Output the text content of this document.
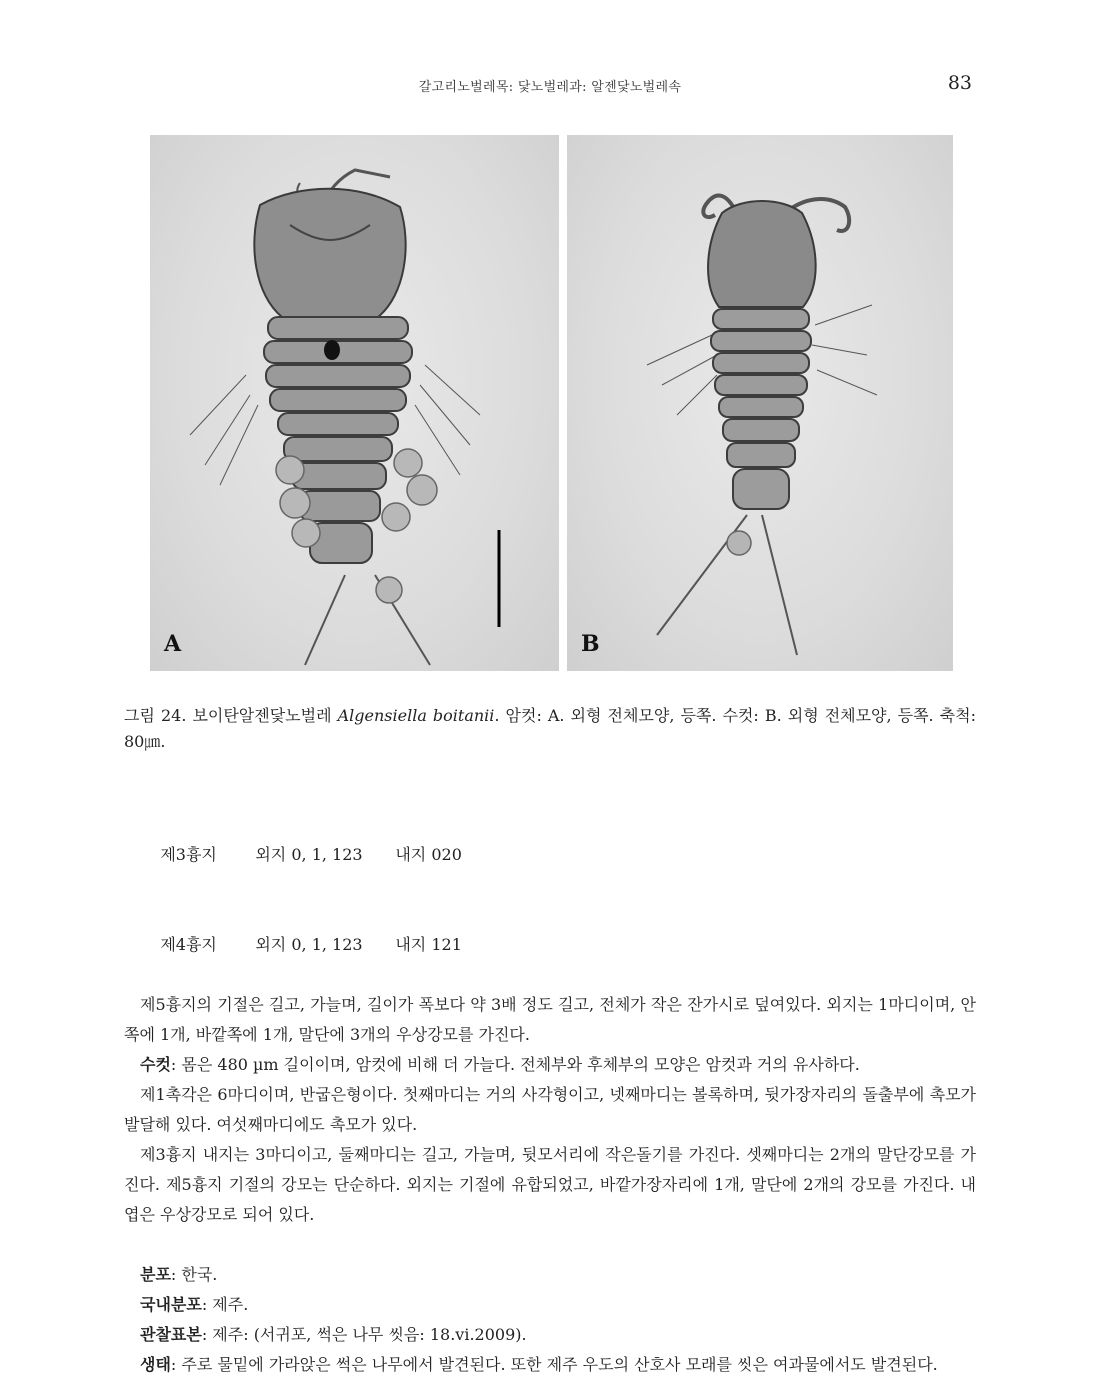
갈고리노벌레목: 닻노벌레과: 알젠닻노벌레속	83
A	B
그림 24. 보이탄알젠닻노벌레 Algensiella boitanii. 암컷: A. 외형 전체모양, 등쪽. 수컷: B. 외형 전체모양, 등쪽. 축척: 80㎛.

제3흉지 외지 0, 1, 123 내지 020

제4흉지 외지 0, 1, 123 내지 121

제5흉지의 기절은 길고, 가늘며, 길이가 폭보다 약 3배 정도 길고, 전체가 작은 잔가시로 덮여있다. 외지는 1마디이며, 안쪽에 1개, 바깥쪽에 1개, 말단에 3개의 우상강모를 가진다.

수컷: 몸은 480 µm 길이이며, 암컷에 비해 더 가늘다. 전체부와 후체부의 모양은 암컷과 거의 유사하다.

제1촉각은 6마디이며, 반굽은형이다. 첫째마디는 거의 사각형이고, 넷째마디는 볼록하며, 뒷가장자리의 돌출부에 촉모가 발달해 있다. 여섯째마디에도 촉모가 있다.

제3흉지 내지는 3마디이고, 둘째마디는 길고, 가늘며, 뒷모서리에 작은돌기를 가진다. 셋째마디는 2개의 말단강모를 가진다. 제5흉지 기절의 강모는 단순하다. 외지는 기절에 유합되었고, 바깥가장자리에 1개, 말단에 2개의 강모를 가진다. 내엽은 우상강모로 되어 있다.

분포: 한국.

국내분포: 제주.

관찰표본: 제주: (서귀포, 썩은 나무 씻음: 18.vi.2009).

생태: 주로 물밑에 가라앉은 썩은 나무에서 발견된다. 또한 제주 우도의 산호사 모래를 씻은 여과물에서도 발견된다.
